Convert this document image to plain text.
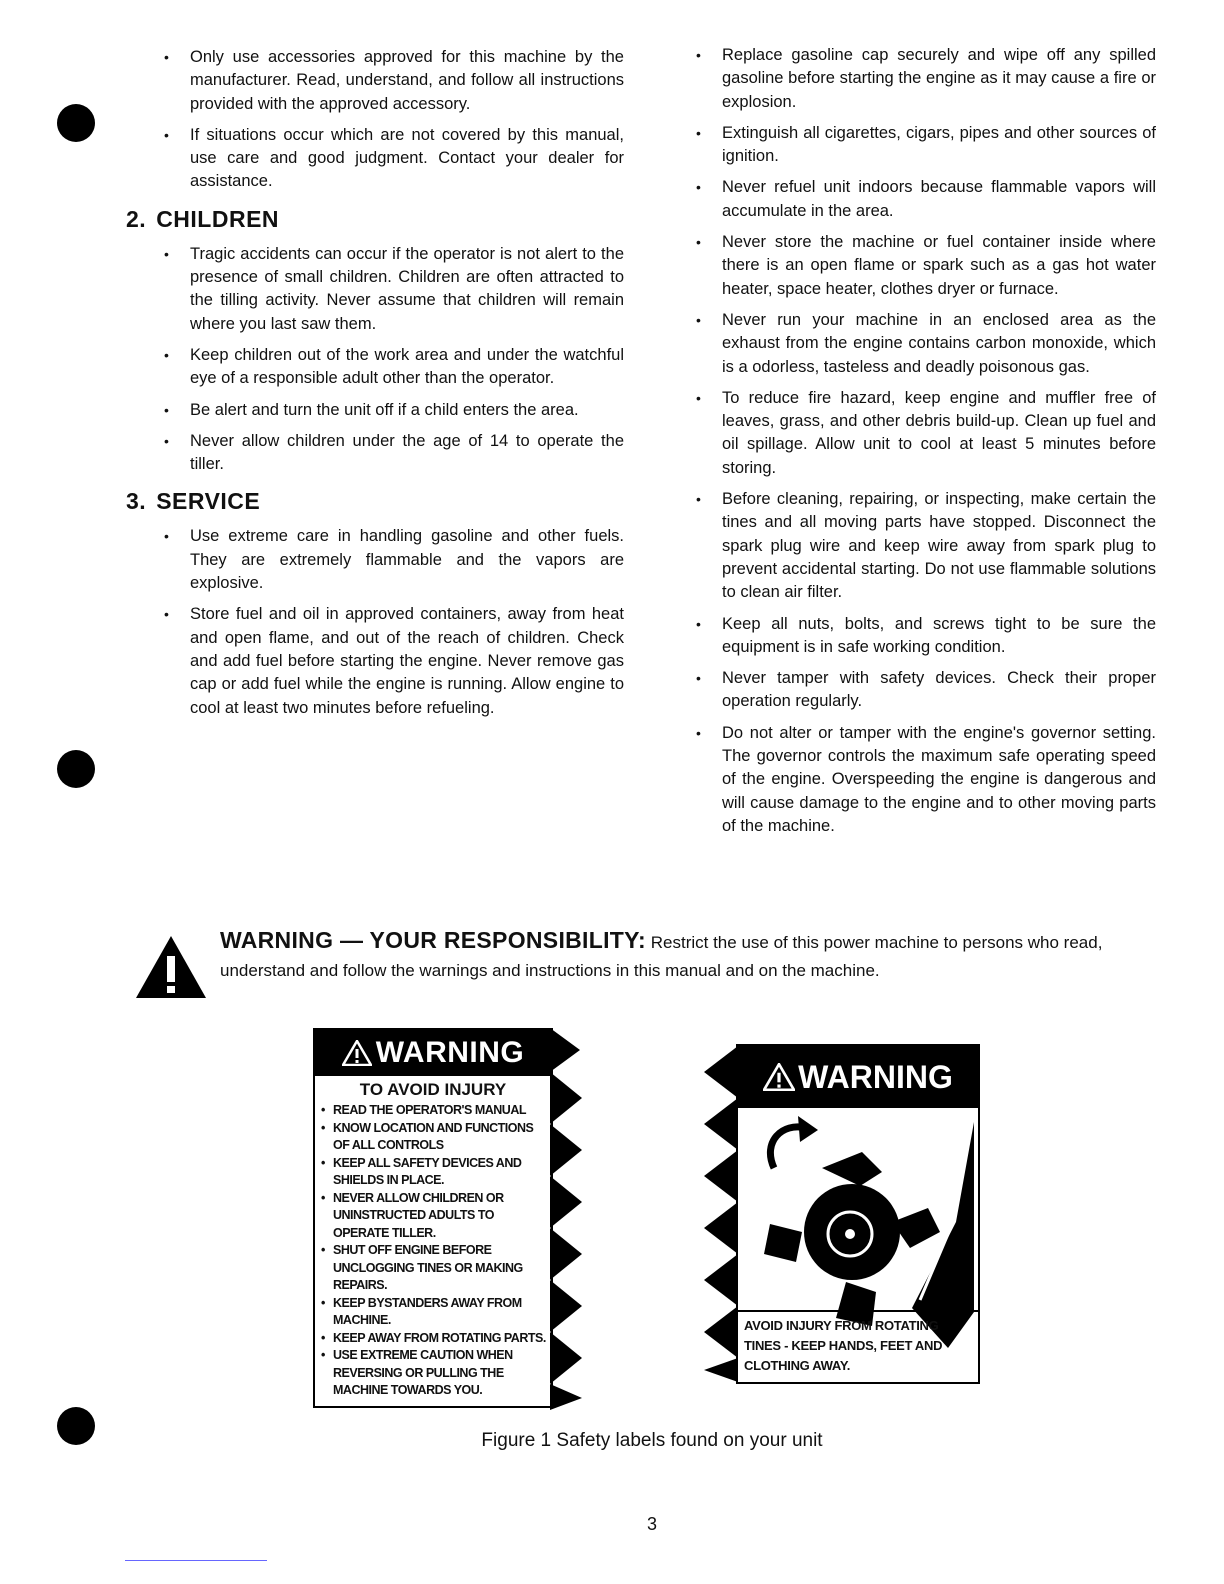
• Only use accessories approved for this machine by the manufacturer. Read, understand, and follow all instructions provided with the approved accessory.

• If situations occur which are not covered by this manual, use care and good judgment. Contact your dealer for assistance.

2. CHILDREN

• Tragic accidents can occur if the operator is not alert to the presence of small children. Children are often attracted to the tilling activity. Never assume that children will remain where you last saw them.

• Keep children out of the work area and under the watchful eye of a responsible adult other than the operator.

• Be alert and turn the unit off if a child enters the area.

• Never allow children under the age of 14 to operate the tiller.

3. SERVICE

• Use extreme care in handling gasoline and other fuels. They are extremely flammable and the vapors are explosive.

• Store fuel and oil in approved containers, away from heat and open flame, and out of the reach of children. Check and add fuel before starting the engine. Never remove gas cap or add fuel while the engine is running. Allow engine to cool at least two minutes before refueling.

• Replace gasoline cap securely and wipe off any spilled gasoline before starting the engine as it may cause a fire or explosion.

• Extinguish all cigarettes, cigars, pipes and other sources of ignition.

• Never refuel unit indoors because flammable vapors will accumulate in the area.

• Never store the machine or fuel container inside where there is an open flame or spark such as a gas hot water heater, space heater, clothes dryer or furnace.

• Never run your machine in an enclosed area as the exhaust from the engine contains carbon monoxide, which is a odorless, tasteless and deadly poisonous gas.

• To reduce fire hazard, keep engine and muffler free of leaves, grass, and other debris build-up. Clean up fuel and oil spillage. Allow unit to cool at least 5 minutes before storing.

• Before cleaning, repairing, or inspecting, make certain the tines and all moving parts have stopped. Disconnect the spark plug wire and keep wire away from spark plug to prevent accidental starting. Do not use flammable solutions to clean air filter.

• Keep all nuts, bolts, and screws tight to be sure the equipment is in safe working condition.

• Never tamper with safety devices. Check their proper operation regularly.

• Do not alter or tamper with the engine's governor setting. The governor controls the maximum safe operating speed of the engine. Overspeeding the engine is dangerous and will cause damage to the engine and to other moving parts of the machine.

WARNING — YOUR RESPONSIBILITY: Restrict the use of this power machine to persons who read, understand and follow the warnings and instructions in this manual and on the machine.
WARNING
TO AVOID INJURY
• READ THE OPERATOR'S MANUAL
• KNOW LOCATION AND FUNCTIONS OF ALL CONTROLS
• KEEP ALL SAFETY DEVICES AND SHIELDS IN PLACE.
• NEVER ALLOW CHILDREN OR UNINSTRUCTED ADULTS TO OPERATE TILLER.
• SHUT OFF ENGINE BEFORE UNCLOGGING TINES OR MAKING REPAIRS.
• KEEP BYSTANDERS AWAY FROM MACHINE.
• KEEP AWAY FROM ROTATING PARTS.
• USE EXTREME CAUTION WHEN REVERSING OR PULLING THE MACHINE TOWARDS YOU.
WARNING
AVOID INJURY FROM ROTATING TINES - KEEP HANDS, FEET AND CLOTHING AWAY.
Figure 1 Safety labels found on your unit
3
